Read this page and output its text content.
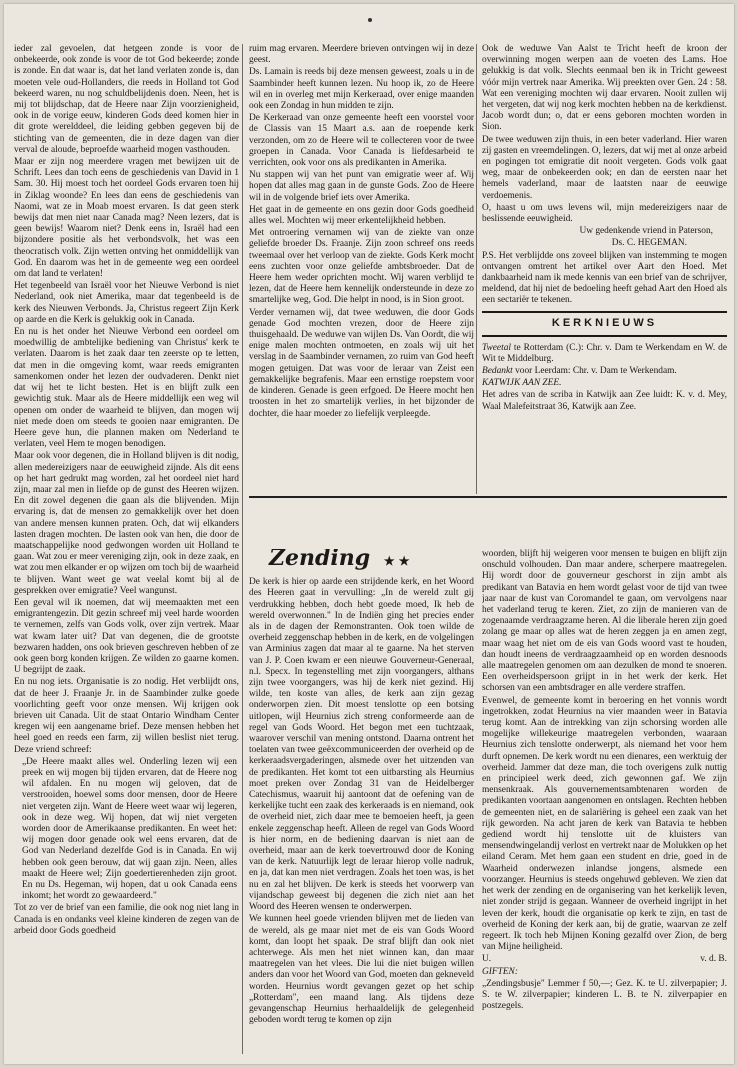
ieder zal gevoelen, dat hetgeen zonde is voor de onbekeerde, ook zonde is voor de tot God bekeerde; zonde is zonde. En dat waar is, dat het land verlaten zonde is, dan moeten vele oud-Hollanders, die reeds in Holland tot God bekeerd waren, nu nog schuldbelijdenis doen. Neen, het is mij tot blijdschap, dat de Heere naar Zijn voorzienigheid, ook in de vorige eeuw, kinderen Gods deed komen hier in dit grote werelddeel, die leiding gebben gegeven bij de stichting van de gemeenten, die in deze dagen van dier verval de aloude, beproefde waarheid mogen vasthouden.

Maar er zijn nog meerdere vragen met bewijzen uit de Schrift. Lees dan toch eens de geschiedenis van David in 1 Sam. 30. Hij moest toch het oordeel Gods ervaren toen hij in Ziklag woonde? En lees dan eens de geschiedenis van Naomi, wat ze in Moab moest ervaren. Is dat geen sterk bewijs dat men niet naar Canada mag? Neen lezers, dat is geen bewijs! Waarom niet? Denk eens in, Israël had een bijzondere positie als het verbondsvolk, het was een theocratisch volk. Zijn wetten ontving het onmiddellijk van God. En daarom was het in de gemeente weg een oordeel om dat land te verlaten!

Het tegenbeeld van Israël voor het Nieuwe Verbond is niet Nederland, ook niet Amerika, maar dat tegenbeeld is de kerk des Nieuwen Verbonds. Ja, Christus regeert Zijn Kerk op aarde en die Kerk is gelukkig ook in Canada.

En nu is het onder het Nieuwe Verbond een oordeel om moedwillig de ambtelijke bediening van Christus' kerk te verlaten. Daarom is het zaak daar ten zeerste op te letten, dat men in die omgeving komt, waar reeds emigranten samenkomen onder het lezen der oudvaderen. Denkt niet dat wij het te licht besten. Het is en blijft zulk een gewichtig stuk. Maar als de Heere middellijk een weg wil openen om onder de waarheid te blijven, dan mogen wij niet mede doen om steeds te gooien naar emigranten. De Heere geve hun, die plannen maken om Nederland te verlaten, veel Hem te mogen benodigen.

Maar ook voor degenen, die in Holland blijven is dit nodig, allen medereizigers naar de eeuwigheid zijnde. Als dit eens op het hart gedrukt mag worden, zal het oordeel niet hard zijn, maar zal men in liefde op de gunst des Heeren wijzen. En dit zowel degenen die gaan als die blijvenden. Mijn ervaring is, dat de mensen zo gemakkelijk over het doen van andere mensen kunnen praten. Och, dat wij elkanders lasten dragen mochten. De lasten ook van hen, die door de maatschappelijke nood gedwongen worden uit Holland te gaan. Wat zou er meer vereniging zijn, ook in deze zaak, en wat zou men elkander er op wijzen om toch bij de waarheid te blijven. Want weet ge wat veelal komt bij al de gesprekken over emigratie? Veel wangunst.

Een geval wil ik noemen, dat wij meemaakten met een emigrantengezin. Dit gezin schreef mij veel harde woorden te vernemen, zelfs van Gods volk, over zijn vertrek. Maar wat kwam later uit? Dat van degenen, die de grootste bezwaren hadden, ons ook brieven geschreven hebben of ze ook geen borg konden krijgen. Ze wilden zo gaarne komen. U begrijpt de zaak.

En nu nog iets. Organisatie is zo nodig. Het verblijdt ons, dat de heer J. Fraanje Jr. in de Saambinder zulke goede voorlichting geeft voor onze mensen. Wij krijgen ook brieven uit Canada. Uit de staat Ontario Windham Center kregen wij een aangename brief. Deze mensen hebben het heel goed en reeds een farm, zij willen beslist niet terug. Deze vriend schreef:

„De Heere maakt alles wel. Onderling lezen wij een preek en wij mogen bij tijden ervaren, dat de Heere nog wil afdalen. En nu mogen wij geloven, dat de verstrooiden, hoewel soms door mensen, door de Heere niet vergeten zijn. Want de Heere weet waar wij legeren, ook in deze weg. Wij hopen, dat wij niet vergeten worden door de Amerikaanse predikanten. En weet het: wij mogen door genade ook wel eens ervaren, dat de God van Nederland dezelfde God is in Canada. En wij hebben ook geen berouw, dat wij gaan zijn. Neen, alles maakt de Heere wel; Zijn goedertierenheden zijn groot. En nu Ds. Hegeman, wij hopen, dat u ook Canada eens inkomt; het wordt zo gewaardeerd."

Tot zo ver de brief van een familie, die ook nog niet lang in Canada is en ondanks veel kleine kinderen de zegen van de arbeid door Gods goedheid

ruim mag ervaren. Meerdere brieven ontvingen wij in deze geest.

Ds. Lamain is reeds bij deze mensen geweest, zoals u in de Saambinder heeft kunnen lezen. Nu hoop ik, zo de Heere wil en in overleg met mijn Kerkeraad, over enige maanden ook een Zondag in hun midden te zijn.

De Kerkeraad van onze gemeente heeft een voorstel voor de Classis van 15 Maart a.s. aan de roepende kerk verzonden, om zo de Heere wil te collecteren voor de twee groepen in Canada. Voor Canada is liefdesarbeid te verrichten, ook voor ons als predikanten in Amerika.

Nu stappen wij van het punt van emigratie weer af. Wij hopen dat alles mag gaan in de gunste Gods. Zoo de Heere wil in de volgende brief iets over Amerika.

Het gaat in de gemeente en ons gezin door Gods goedheid alles wel. Mochten wij meer erkentelijkheid hebben.

Met ontroering vernamen wij van de ziekte van onze geliefde broeder Ds. Fraanje. Zijn zoon schreef ons reeds tweemaal over het verloop van de ziekte. Gods Kerk mocht eens zuchten voor onze geliefde ambtsbroeder. Dat de Heere hem weder oprichten mocht. Wij waren verblijd te lezen, dat de Heere hem kennelijk ondersteunde in deze zo smartelijke weg, God. Die helpt in nood, is in Sion groot.

Verder vernamen wij, dat twee weduwen, die door Gods genade God mochten vrezen, door de Heere zijn thuisgehaald. De weduwe van wijlen Ds. Van Oordt, die wij enige malen mochten ontmoeten, en zoals wij uit het verslag in de Saambinder vernamen, zo ruim van God heeft mogen getuigen. Dat was voor de leraar van Zeist een gemakkelijke begrafenis. Maar een ernstige roepstem voor de kinderen. Genade is geen erfgoed. De Heere mocht hen troosten in het zo smartelijk verlies, in het bijzonder de dochter, die haar moeder zo liefelijk verpleegde.

Ook de weduwe Van Aalst te Tricht heeft de kroon der overwinning mogen werpen aan de voeten des Lams. Hoe gelukkig is dat volk. Slechts eenmaal ben ik in Tricht geweest vóór mijn vertrek naar Amerika. Wij preekten over Gen. 24 : 58. Wat een vereniging mochten wij daar ervaren. Nooit zullen wij het vergeten, dat wij nog kerk mochten hebben na de kerkdienst. Jacob wordt dun; o, dat er eens geboren mochten worden in Sion.

De twee weduwen zijn thuis, in een beter vaderland. Hier waren zij gasten en vreemdelingen. O, lezers, dat wij met al onze arbeid en pogingen tot emigratie dit nooit vergeten. Gods volk gaat weg, maar de onbekeerden ook; en dan de eersten naar het hemels vaderland, maar de laatsten naar de eeuwige verdoemenis.

O, haast u om uws levens wil, mijn medereizigers naar de beslissende eeuwigheid.

Uw gedenkende vriend in Paterson,

Ds. C. HEGEMAN.

P.S. Het verblijdde ons zoveel blijken van instemming te mogen ontvangen omtrent het artikel over Aart den Hoed. Met dankbaarheid nam ik mede kennis van een brief van de schrijver, meldend, dat hij niet de bedoeling heeft gehad Aart den Hoed als een sectariër te tekenen.

KERKNIEUWS

Tweetal te Rotterdam (C.): Chr. v. Dam te Werkendam en W. de Wit te Middelburg.

Bedankt voor Leerdam: Chr. v. Dam te Werkendam.

KATWIJK AAN ZEE.

Het adres van de scriba in Katwijk aan Zee luidt: K. v. d. Mey, Waal Malefeitstraat 36, Katwijk aan Zee.

Zending ★ ★

De kerk is hier op aarde een strijdende kerk, en het Woord des Heeren gaat in vervulling: „In de wereld zult gij verdrukking hebben, doch hebt goede moed, Ik heb de wereld overwonnen." In de Indiën ging het precies ender als in de dagen der Remonstranten. Ook toen wilde de overheid zeggenschap hebben in de kerk, en de volgelingen van Arminius zagen dat maar al te gaarne. Na het sterven van J. P. Coen kwam er een nieuwe Gouverneur-Generaal, n.l. Specx. In tegenstelling met zijn voorgangers, althans zijn twee voorgangers, was hij de kerk niet gezind. Hij wilde, ten koste van alles, de kerk aan zijn gezag onderworpen zien. Dit moest tenslotte op een botsing uitlopen, wijl Heurnius zich streng conformeerde aan de regel van Gods Woord. Het begon met een tuchtzaak, waarover verschil van mening ontstond. Daarna ontrent het toelaten van twee geëxcommuniceerden der overheid op de kerkeraadsvergaderingen, alsmede over het uitzenden van de predikanten. Het komt tot een uitbarsting als Heurnius moet preken over Zondag 31 van de Heidelberger Catechismus, waaruit hij aantoont dat de oefening van de kerkelijke tucht een zaak des kerkeraads is en niemand, ook de overheid niet, zich daar mee te bemoeien heeft, ja geen enkele zeggenschap heeft. Alleen de regel van Gods Woord is hier norm, en de bediening daarvan is niet aan de overheid, maar aan de kerk toevertrouwd door de Koning van de kerk. Natuurlijk legt de leraar hierop volle nadruk, en ja, dat kan men niet verdragen. Zoals het toen was, is het nu en zal het blijven. De kerk is steeds het voorwerp van vijandschap geweest bij degenen die zich niet aan het Woord des Heeren wensen te onderwerpen.

We kunnen heel goede vrienden blijven met de lieden van de wereld, als ge maar niet met de eis van Gods Woord komt, dan loopt het spaak. De straf blijft dan ook niet achterwege. Als men het niet winnen kan, dan maar maatregelen van het vlees. Die lui die niet buigen willen anders dan voor het Woord van God, moeten dan gekneveld worden. Heurnius wordt gevangen gezet op het schip „Rotterdam", een maand lang. Als tijdens deze gevangenschap Heurnius herhaaldelijk de gelegenheid geboden wordt terug te komen op zijn

woorden, blijft hij weigeren voor mensen te buigen en blijft zijn onschuld volhouden. Dan maar andere, scherpere maatregelen. Hij wordt door de gouverneur geschorst in zijn ambt als predikant van Batavia en hem wordt gelast voor de tijd van twee jaar naar de kust van Coromandel te gaan, om vervolgens naar het vaderland terug te keren. Ziet, zo zijn de manieren van de zogenaamde verdraagzame heren. Al die liberale heren zijn goed zolang ge maar op alles wat de heren zeggen ja en amen zegt, maar waag het niet om de eis van Gods woord vast te houden, dan houdt ineens de verdraagzaamheid op en worden desnoods alle maatregelen genomen om aan dezulken de mond te snoeren. Een overheidspersoon grijpt in in het werk der kerk. Het schorsen van een ambtsdrager en alle verdere straffen.

Evenwel, de gemeente komt in beroering en het vonnis wordt ingetrokken, zodat Heurnius na vier maanden weer in Batavia terug komt. Aan de intrekking van zijn schorsing worden alle mogelijke willekeurige maatregelen verbonden, waaraan Heurnius zich tenslotte onderwerpt, als niemand het voor hem durft opnemen. De kerk wordt nu een dienares, een werktuig der overheid. Jammer dat deze man, die toch overigens zulk nuttig en principieel werk deed, zich gewonnen gaf. We zijn mensenkraak. Als gouvernementsambtenaren worden de predikanten voortaan aangenomen en ontslagen. Rechten hebben de gemeenten niet, en de salariëring is geheel een zaak van het rijk geworden. Na acht jaren de kerk van Batavia te hebben gediend wordt hij tenslotte uit de kluisters van mensendwingelandij verlost en vertrekt naar de Molukken op het eiland Ceram. Met hem gaan een student en drie, goed in de Waarheid onderwezen inlandse jongens, alsmede een voorzanger. Heurnius is steeds ongehuwd gebleven. We zien dat het werk der zending en de organisering van het kerkelijk leven, niet zonder strijd is gegaan. Wanneer de overheid ingrijpt in het leven der kerk, houdt die organisatie op kerk te zijn, en tast de overheid de Koning der kerk aan, bij de gratie, waarvan ze zelf regeert. Ik toch heb Mijnen Koning gezalfd over Zion, de berg van Mijne heiligheid.

U.	v. d. B.

GIFTEN:

„Zendingsbusje" Lemmer f 50,—; Gez. K. te U. zilverpapier; J. S. te W. zilverpapier; kinderen L. B. te N. zilverpapier en postzegels.
